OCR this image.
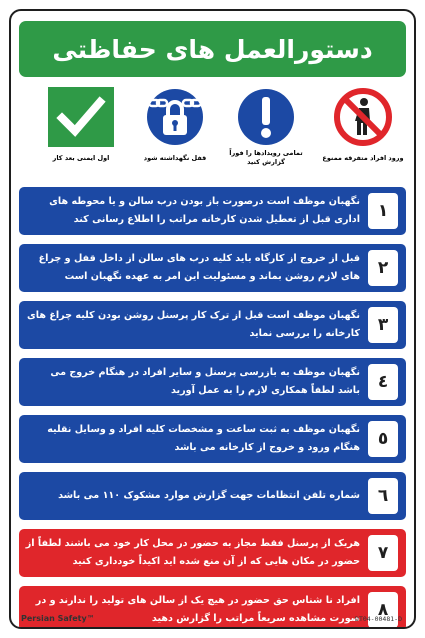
دستورالعمل های حفاظتی
ورود افراد متفرقه ممنوع
تمامی رویدادها را فوراً گزارش کنید
قفل نگهداشته شود
اول ایمنی بعد کار
١
نگهبان موظف است درصورت باز بودن درب سالن و یا محوطه های اداری قبل از تعطیل شدن کارخانه مراتب را اطلاع رسانی کند
٢
قبل از خروج از کارگاه باید کلیه درب های سالن از داخل قفل و چراغ های لازم روشن بماند و مسئولیت این امر به عهده نگهبان است
٣
نگهبان موظف است قبل از ترک کار پرسنل روشن بودن کلیه چراغ های کارخانه را بررسی نماید
٤
نگهبان موظف به بازرسی پرسنل و سایر افراد در هنگام خروج می باشد لطفاً همکاری لازم را به عمل آورید
٥
نگهبان موظف به ثبت ساعت و مشخصات کلیه افراد و وسایل نقلیه هنگام ورود و خروج از کارخانه می باشد
٦
شماره تلفن انتظامات جهت گزارش موارد مشکوک ۱۱۰ می باشد
٧
هریک از پرسنل فقط مجاز به حضور در محل کار خود می باشند لطفاً از حضور در مکان هایی که از آن منع شده اید اکیداً خودداری کنید
٨
افراد نا شناس حق حضور در هیچ یک از سالن های تولید را ندارند و در صورت مشاهده سریعاً مراتب را گزارش دهید
Persian Safety™	DT04-00481-D
